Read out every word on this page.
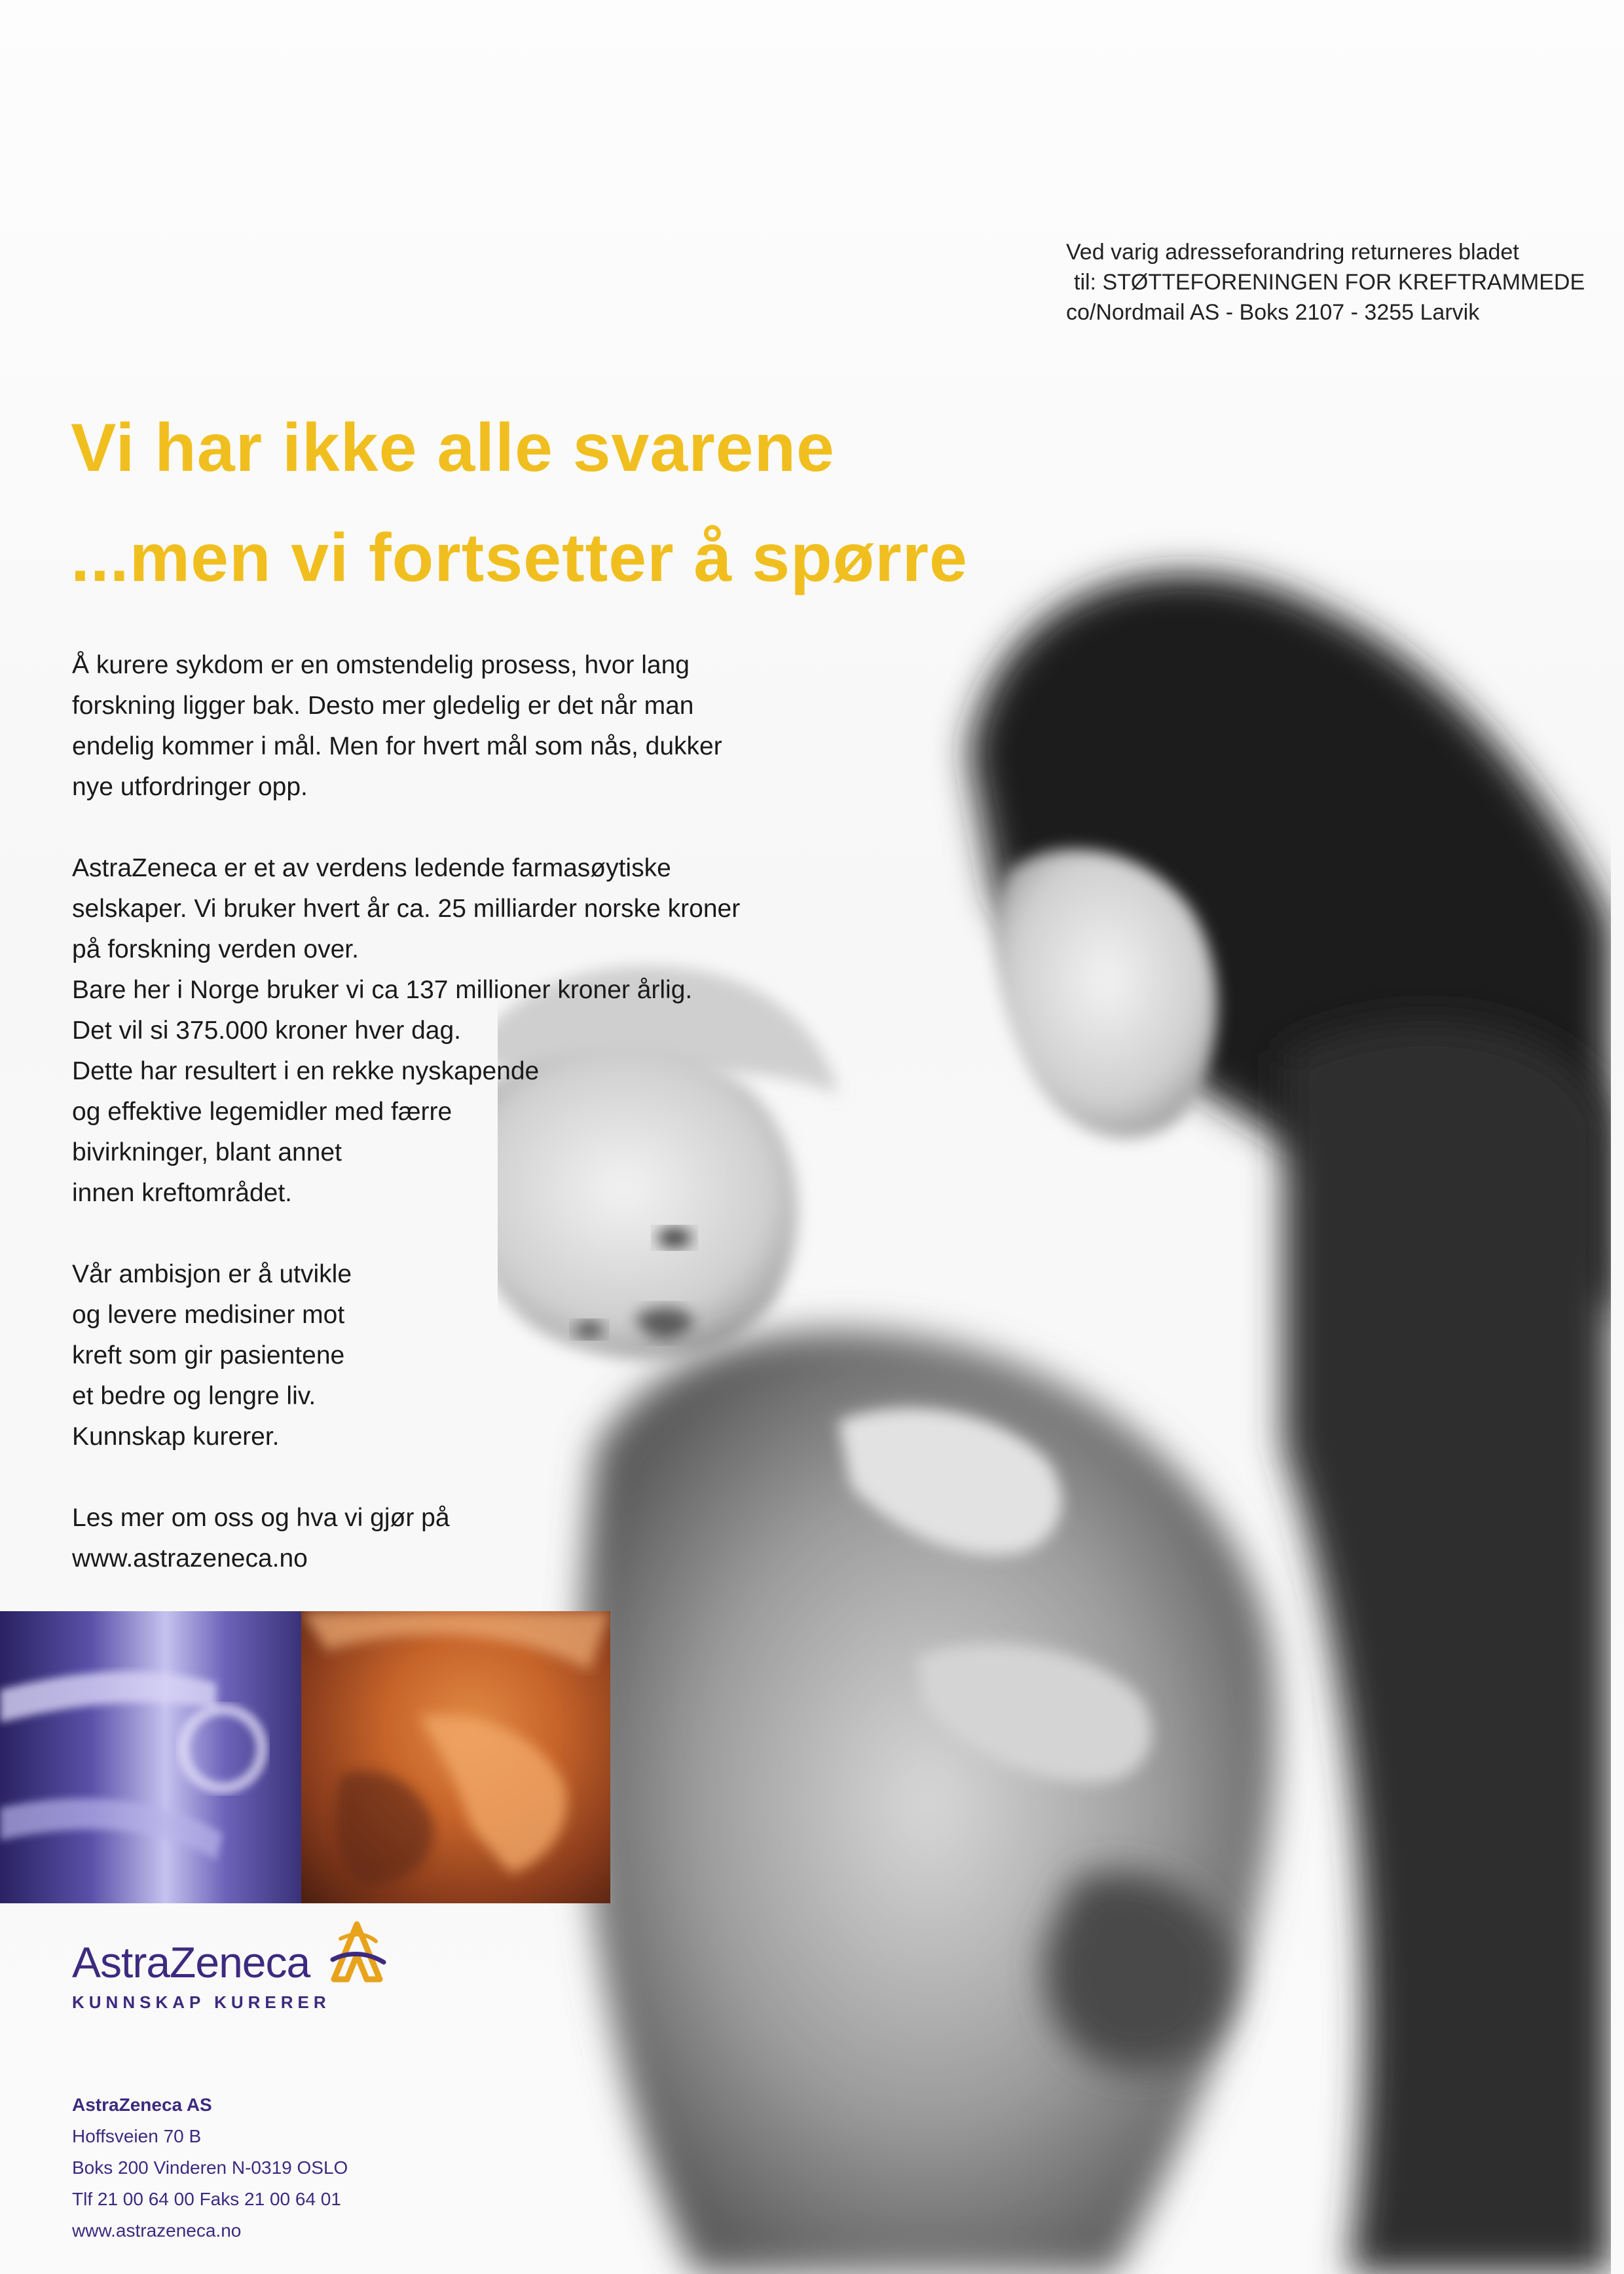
Ved varig adresseforandring returneres bladet
til: STØTTEFORENINGEN FOR KREFTRAMMEDE
co/Nordmail AS - Boks 2107 - 3255 Larvik
Vi har ikke alle svarene
...men vi fortsetter å spørre

Å kurere sykdom er en omstendelig prosess, hvor lang
forskning ligger bak. Desto mer gledelig er det når man
endelig kommer i mål. Men for hvert mål som nås, dukker
nye utfordringer opp.

AstraZeneca er et av verdens ledende farmasøytiske
selskaper. Vi bruker hvert år ca. 25 milliarder norske kroner
på forskning verden over.
Bare her i Norge bruker vi ca 137 millioner kroner årlig.
Det vil si 375.000 kroner hver dag.
Dette har resultert i en rekke nyskapende
og effektive legemidler med færre
bivirkninger, blant annet
innen kreftområdet.

Vår ambisjon er å utvikle
og levere medisiner mot
kreft som gir pasientene
et bedre og lengre liv.
Kunnskap kurerer.

Les mer om oss og hva vi gjør på
www.astrazeneca.no

AstraZeneca
KUNNSKAP KURERER
AstraZeneca AS
Hoffsveien 70 B
Boks 200 Vinderen N-0319 OSLO
Tlf 21 00 64 00 Faks 21 00 64 01
www.astrazeneca.no
